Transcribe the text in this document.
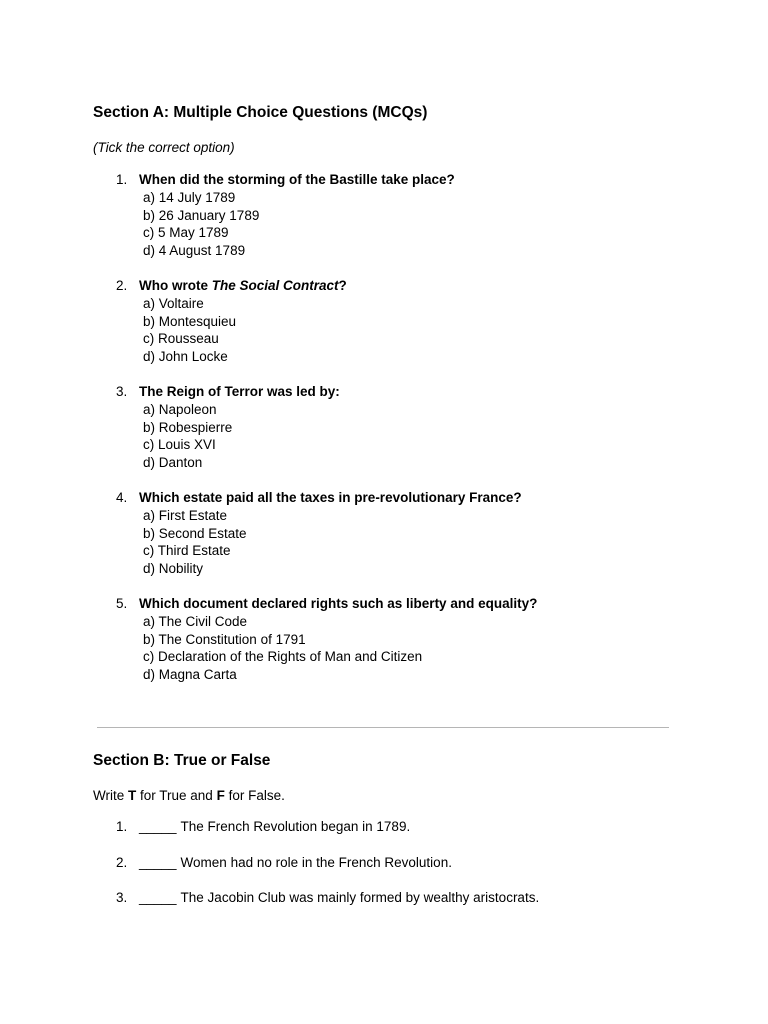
Section A: Multiple Choice Questions (MCQs)
(Tick the correct option)
1. When did the storming of the Bastille take place?
a) 14 July 1789
b) 26 January 1789
c) 5 May 1789
d) 4 August 1789
2. Who wrote The Social Contract?
a) Voltaire
b) Montesquieu
c) Rousseau
d) John Locke
3. The Reign of Terror was led by:
a) Napoleon
b) Robespierre
c) Louis XVI
d) Danton
4. Which estate paid all the taxes in pre-revolutionary France?
a) First Estate
b) Second Estate
c) Third Estate
d) Nobility
5. Which document declared rights such as liberty and equality?
a) The Civil Code
b) The Constitution of 1791
c) Declaration of the Rights of Man and Citizen
d) Magna Carta
Section B: True or False
Write T for True and F for False.
1. _____ The French Revolution began in 1789.
2. _____ Women had no role in the French Revolution.
3. _____ The Jacobin Club was mainly formed by wealthy aristocrats.
